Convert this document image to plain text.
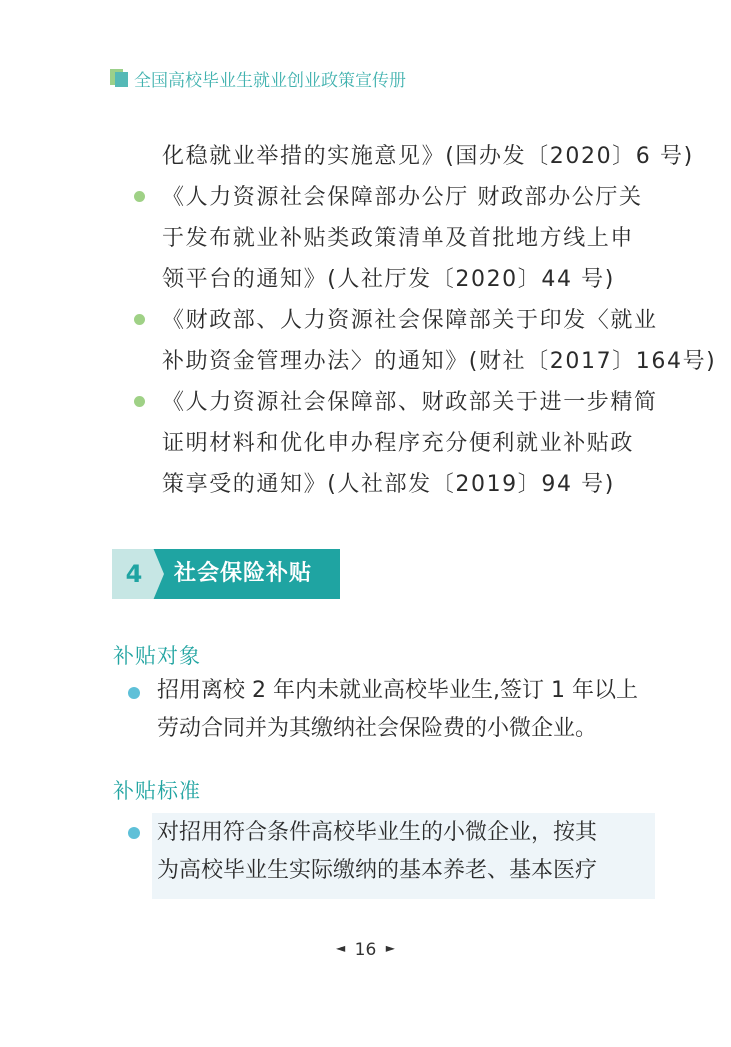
全国高校毕业生就业创业政策宣传册
化稳就业举措的实施意见》(国办发〔2020〕6 号)
《人力资源社会保障部办公厅 财政部办公厅关
于发布就业补贴类政策清单及首批地方线上申
领平台的通知》(人社厅发〔2020〕44 号)
《财政部、人力资源社会保障部关于印发〈就业
补助资金管理办法〉的通知》(财社〔2017〕164号)
《人力资源社会保障部、财政部关于进一步精简
证明材料和优化申办程序充分便利就业补贴政
策享受的通知》(人社部发〔2019〕94 号)
4	社会保险补贴
补贴对象
招用离校 2 年内未就业高校毕业生,签订 1 年以上
劳动合同并为其缴纳社会保险费的小微企业。
补贴标准
对招用符合条件高校毕业生的小微企业，按其
为高校毕业生实际缴纳的基本养老、基本医疗
◄ 16 ►
